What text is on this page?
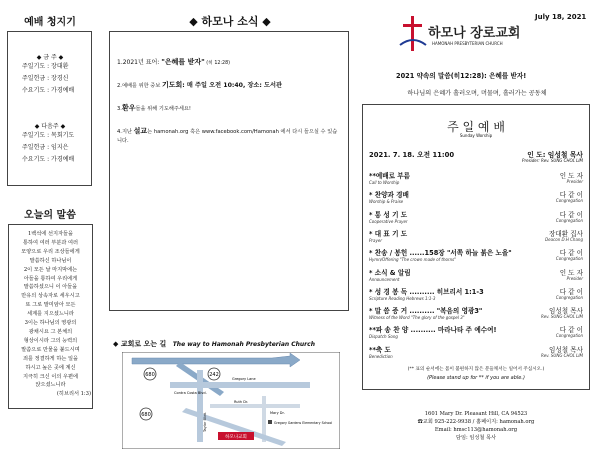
예배 청지기
◆ 금 주 ◆
주일기도 : 장대환
주일헌금 : 장경신
수요기도 : 가경예배
◆ 다음주 ◆
주일기도 : 목회기도
주일헌금 : 임지은
수요기도 : 가경예배
오늘의 말씀
1백석에 선지자들을
통하여 여러 부분과 여러
모양으로 우리 조상들에게
말씀하신 하나님이
2이 모든 날 마지막에는
아들을 통하여 우리에게
말씀하셨으니 이 아들을
만유의 상속자로 세우시고
또 그로 말미암아 모든
세계를 지으셨느니라
3이는 하나님의 영광의
광채시요 그 본체의
형상이시라 그의 능력의
말씀으로 만물을 붙드시며
죄를 정결하게 하는 일을
하시고 높은 곳에 계신
지극히 크신 이의 우편에
앉으셨느니라
(히브리서 1:3)
◆ 하모나 소식 ◆
1.2021년 표어: "은혜를 받자" (히 12:28)
2.예배를 위한 중보 기도회: 매 주일 오전 10:40, 장소: 도서관
3.환우들을 위해 기도해주세요!
4.지난 설교는 hamonah.org 혹은 www.facebook.com/Hamonah 에서 다시 들으실 수 있습니다.
◆ 교회로 오는 길 The way to Hamonah Presbyterian Church
680	242
680
Gregory Lane
Contra Costa Blvd.
Taylor Blvd.
Ruth Dr.
Mary Dr.
하모나교회
Gregory Gardens Elementary School
July 18, 2021
하모나 장로교회
HAMONAH PRESBYTERIAN CHURCH
2021 약속의 말씀(히12:28): 은혜를 받자!
하나님의 은혜가 흘러오며, 머물며, 흘러가는 공동체
주 일 예 배
Sunday Worship
2021. 7. 18. 오전 11:00	인 도: 임성철 목사
Presider: Rev. SUNG CHOL LIM
**예배로 부름
Call to Worship
인 도 자
Presider
* 찬양과 경배
Worship & Praise
다 같 이
Congregation
* 통 성 기 도
Cooperative Prayer
다 같 이
Congregation
* 대 표 기 도
Prayer
장대환 집사
Deacon D.H Chang
* 찬송 / 봉헌 ......158장 "서쪽 하늘 붉은 노을"
Hymn/Offering "The crown made of thorns"
다 같 이
Congregation
* 소식 & 알림
Announcement
인 도 자
Presider
* 성 경 봉 독 .......... 히브리서 1:1-3
Scripture Reading Hebrews 1:1-3
다 같 이
Congregation
* 말 씀 증 거 .......... "복음의 영광3"
Witness of the Word "The glory of the gospel 3"
임성철 목사
Rev. SUNG CHOL LIM
**파 송 찬 양 .......... 마라나타 주 예수여!
Dispatch Song
다 같 이
Congregation
**축 도
Benediction
임성철 목사
Rev. SUNG CHOL LIM
(** 표의 순서에는 몸이 불편하지 않은 분들께서는 일어서 주십시오.)
(Please stand up for ** if you are able.)
1601 Mary Dr. Pleasant Hill, CA 94523
☎교회 925-222-9938 / 홈페이지: hamonah.org
Email: hmsc113@hamonah.org
담임: 임성철 목사
